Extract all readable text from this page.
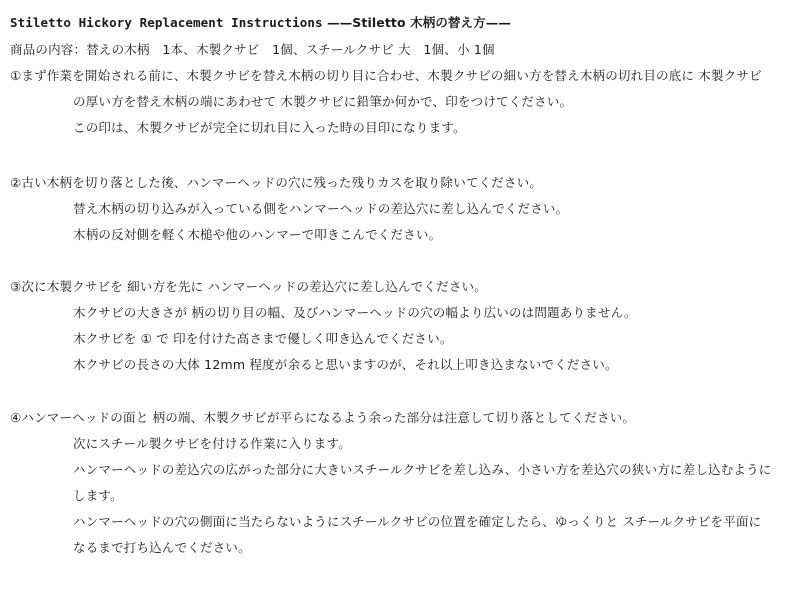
Stiletto Hickory Replacement Instructions ——Stiletto 木柄の替え方——
商品の内容：替えの木柄　1本、木製クサビ　1個、スチールクサビ 大　1個、小 1個
①まず作業を開始される前に、木製クサビを替え木柄の切り目に合わせ、木製クサビの細い方を替え木柄の切れ目の底に 木製クサビ
の厚い方を替え木柄の端にあわせて 木製クサビに鉛筆か何かで、印をつけてください。
この印は、木製クサビが完全に切れ目に入った時の目印になります。
②古い木柄を切り落とした後、ハンマーヘッドの穴に残った残りカスを取り除いてください。
替え木柄の切り込みが入っている側をハンマーヘッドの差込穴に差し込んでください。
木柄の反対側を軽く木槌や他のハンマーで叩きこんでください。
③次に木製クサビを 細い方を先に ハンマーヘッドの差込穴に差し込んでください。
木クサビの大きさが 柄の切り目の幅、及びハンマーヘッドの穴の幅より広いのは問題ありません。
木クサビを ① で 印を付けた高さまで優しく叩き込んでください。
木クサビの長さの大体 12mm 程度が余ると思いますのが、それ以上叩き込まないでください。
④ハンマーヘッドの面と 柄の端、木製クサビが平らになるよう余った部分は注意して切り落としてください。
次にスチール製クサビを付ける作業に入ります。
ハンマーヘッドの差込穴の広がった部分に大きいスチールクサビを差し込み、小さい方を差込穴の狭い方に差し込むように
します。
ハンマーヘッドの穴の側面に当たらないようにスチールクサビの位置を確定したら、ゆっくりと スチールクサビを平面に
なるまで打ち込んでください。
